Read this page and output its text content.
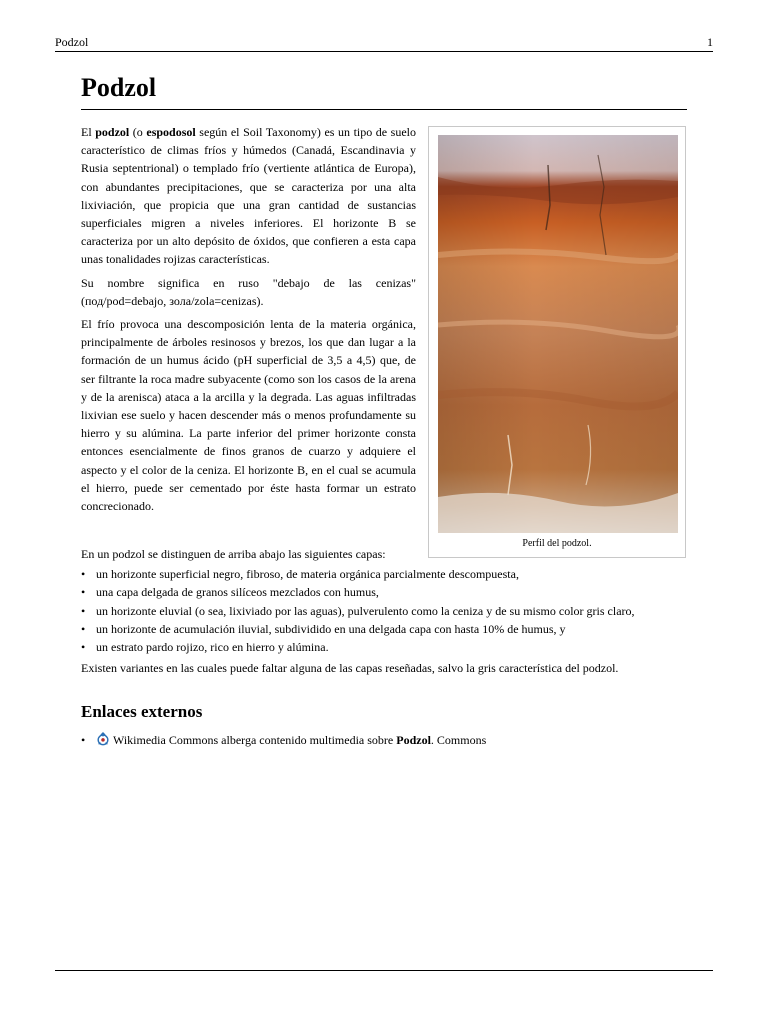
Podzol	1
Podzol

El podzol (o espodosol según el Soil Taxonomy) es un tipo de suelo característico de climas fríos y húmedos (Canadá, Escandinavia y Rusia septentrional) o templado frío (vertiente atlántica de Europa), con abundantes precipitaciones, que se caracteriza por una alta lixiviación, que propicia que una gran cantidad de sustancias superficiales migren a niveles inferiores. El horizonte B se caracteriza por un alto depósito de óxidos, que confieren a esta capa unas tonalidades rojizas características.

Su nombre significa en ruso "debajo de las cenizas" (под/pod=debajo, зола/zola=cenizas).

El frío provoca una descomposición lenta de la materia orgánica, principalmente de árboles resinosos y brezos, los que dan lugar a la formación de un humus ácido (pH superficial de 3,5 a 4,5) que, de ser filtrante la roca madre subyacente (como son los casos de la arena y de la arenisca) ataca a la arcilla y la degrada. Las aguas infiltradas lixivian ese suelo y hacen descender más o menos profundamente su hierro y su alúmina. La parte inferior del primer horizonte consta entonces esencialmente de finos granos de cuarzo y adquiere el aspecto y el color de la ceniza. El horizonte B, en el cual se acumula el hierro, puede ser cementado por éste hasta formar un estrato concrecionado.

Perfil del podzol.

En un podzol se distinguen de arriba abajo las siguientes capas:

• un horizonte superficial negro, fibroso, de materia orgánica parcialmente descompuesta,
• una capa delgada de granos silíceos mezclados con humus,
• un horizonte eluvial (o sea, lixiviado por las aguas), pulverulento como la ceniza y de su mismo color gris claro,
• un horizonte de acumulación iluvial, subdividido en una delgada capa con hasta 10% de humus, y
• un estrato pardo rojizo, rico en hierro y alúmina.

Existen variantes en las cuales puede faltar alguna de las capas reseñadas, salvo la gris característica del podzol.

Enlaces externos
• Wikimedia Commons alberga contenido multimedia sobre Podzol. Commons
